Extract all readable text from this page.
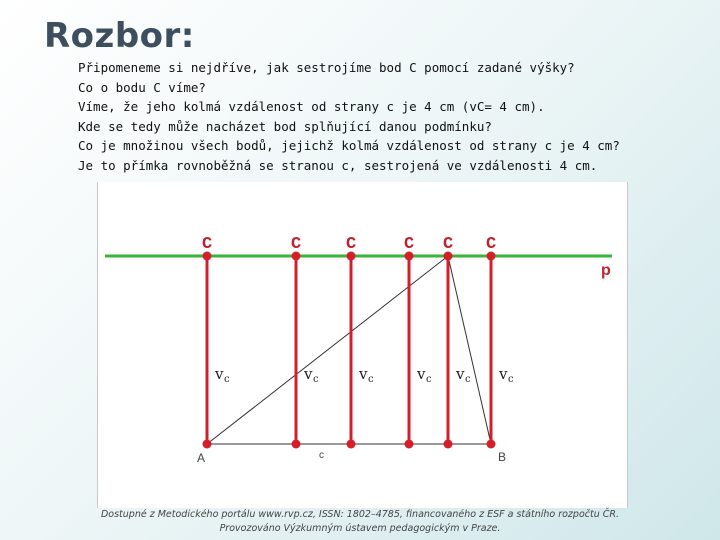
Rozbor:
Připomeneme si nejdříve, jak sestrojíme bod C pomocí zadané výšky?
Co o bodu C víme?
Víme, že jeho kolmá vzdálenost od strany c je 4 cm (vC= 4 cm).
Kde se tedy může nacházet bod splňující danou podmínku?
Co je množinou všech bodů, jejichž kolmá vzdálenost od strany c je 4 cm?
Je to přímka rovnoběžná se stranou c, sestrojená ve vzdálenosti 4 cm.
C
v c
C
v c
C
v c
C
v c
C
v c
C
v c
p
A	B
c
Dostupné z Metodického portálu www.rvp.cz, ISSN: 1802–4785, financovaného z ESF a státního rozpočtu ČR.
Provozováno Výzkumným ústavem pedagogickým v Praze.
